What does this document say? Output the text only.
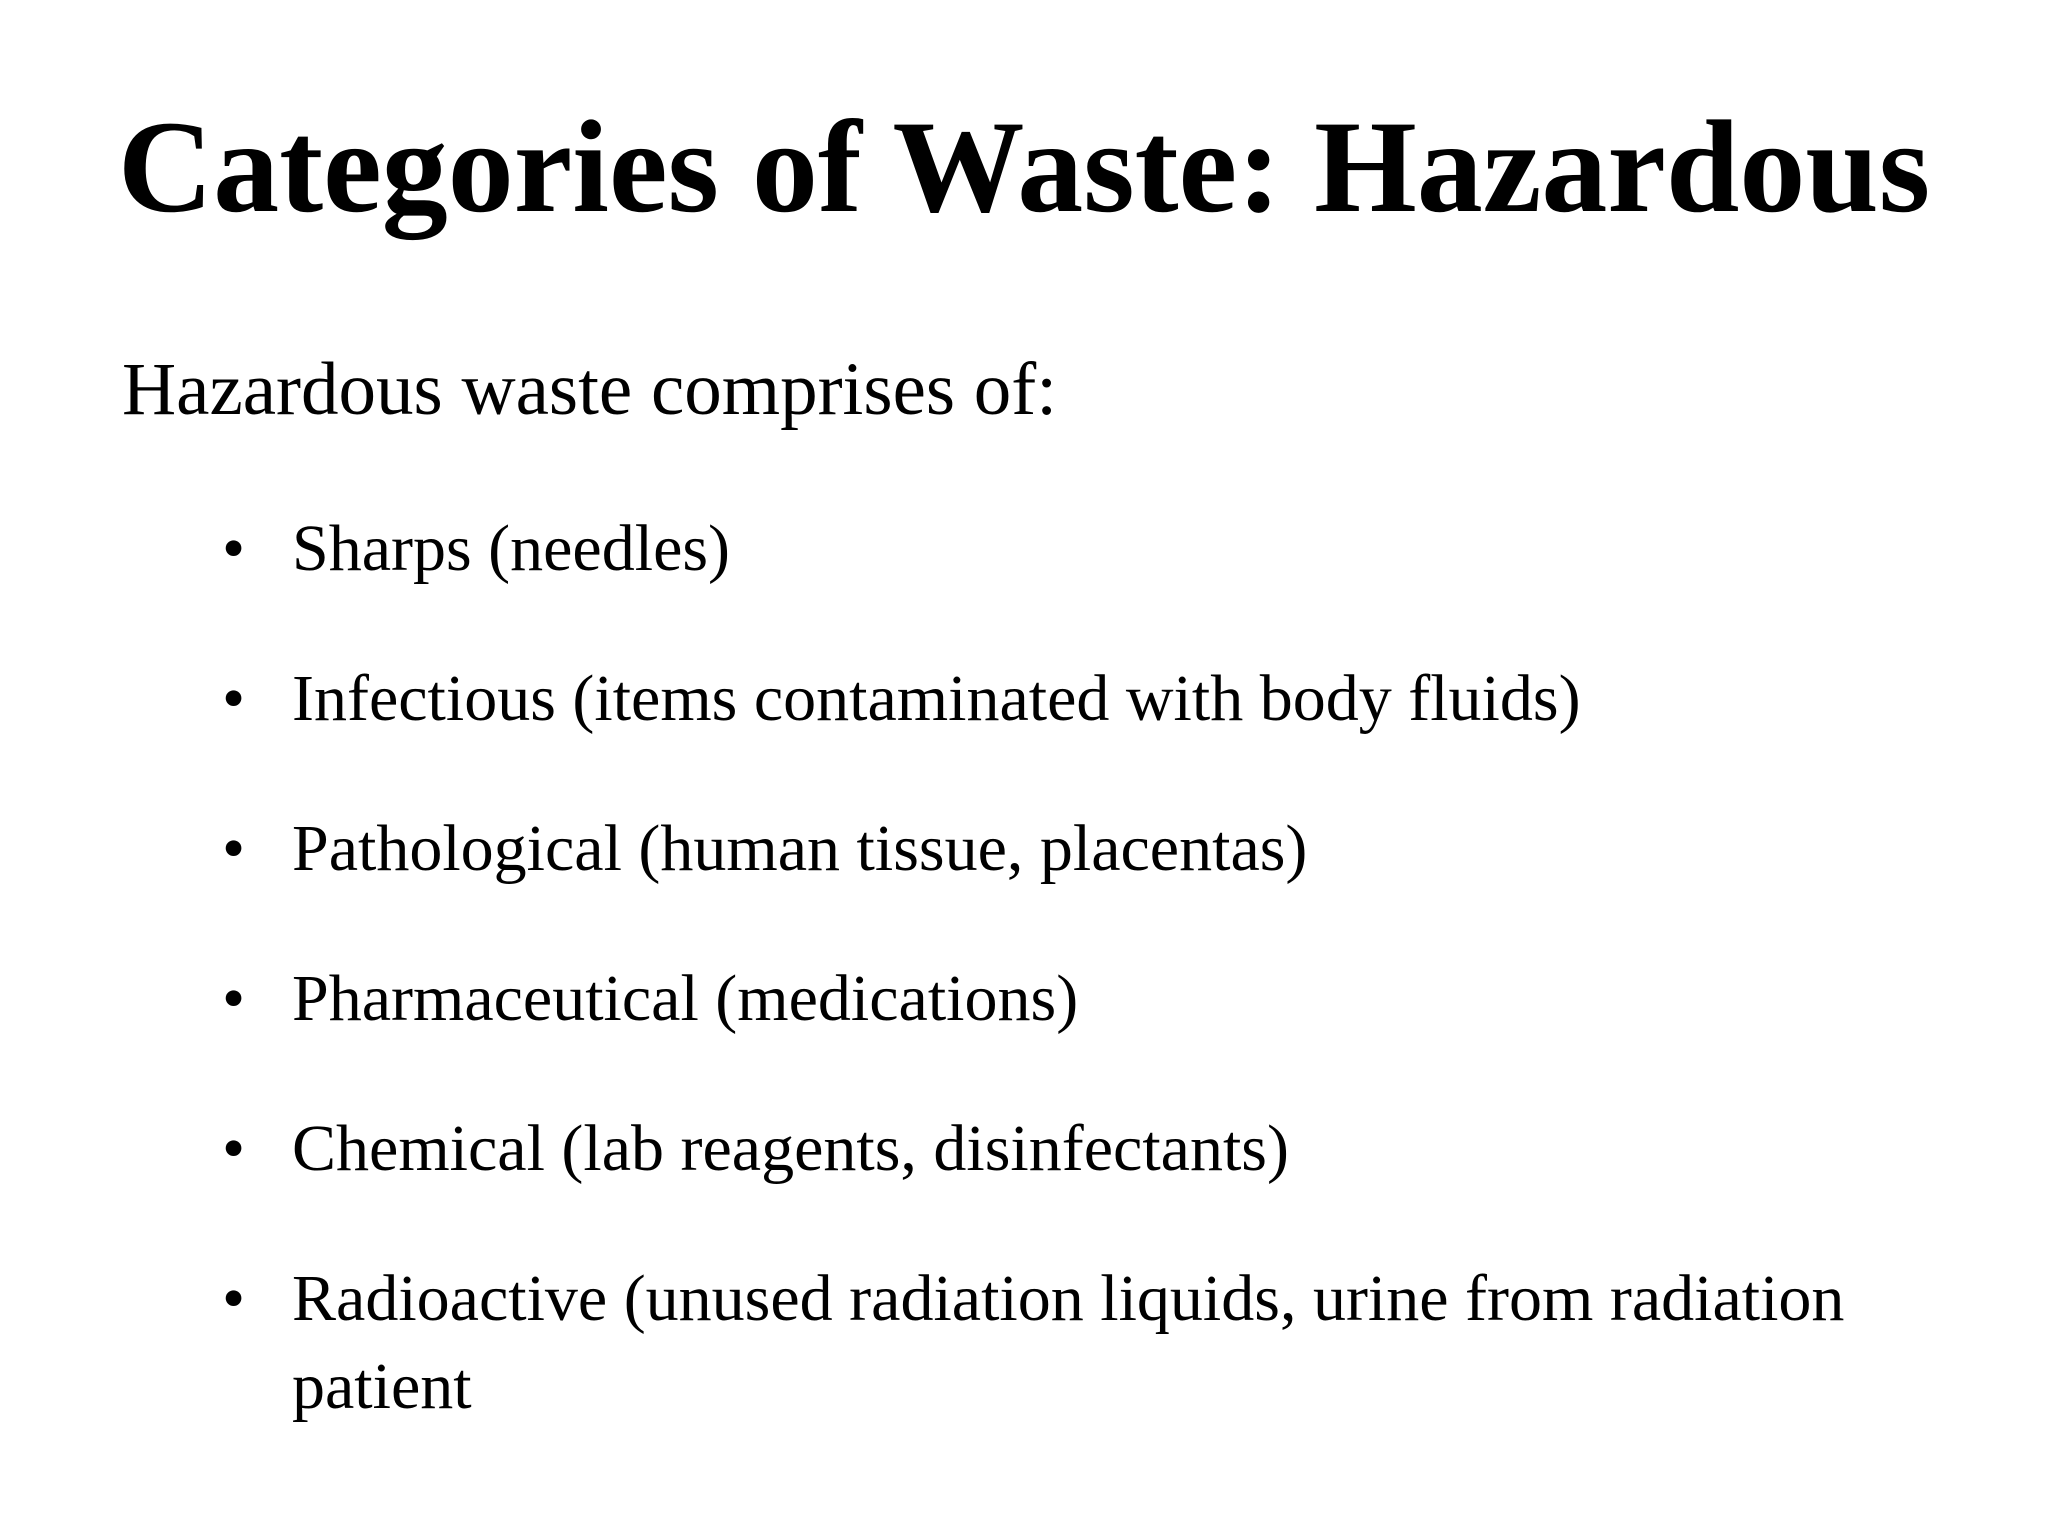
Categories of Waste: Hazardous

Hazardous waste comprises of:

• Sharps (needles)
• Infectious (items contaminated with body fluids)
• Pathological (human tissue, placentas)
• Pharmaceutical (medications)
• Chemical (lab reagents, disinfectants)
• Radioactive (unused radiation liquids, urine from radiation patient
